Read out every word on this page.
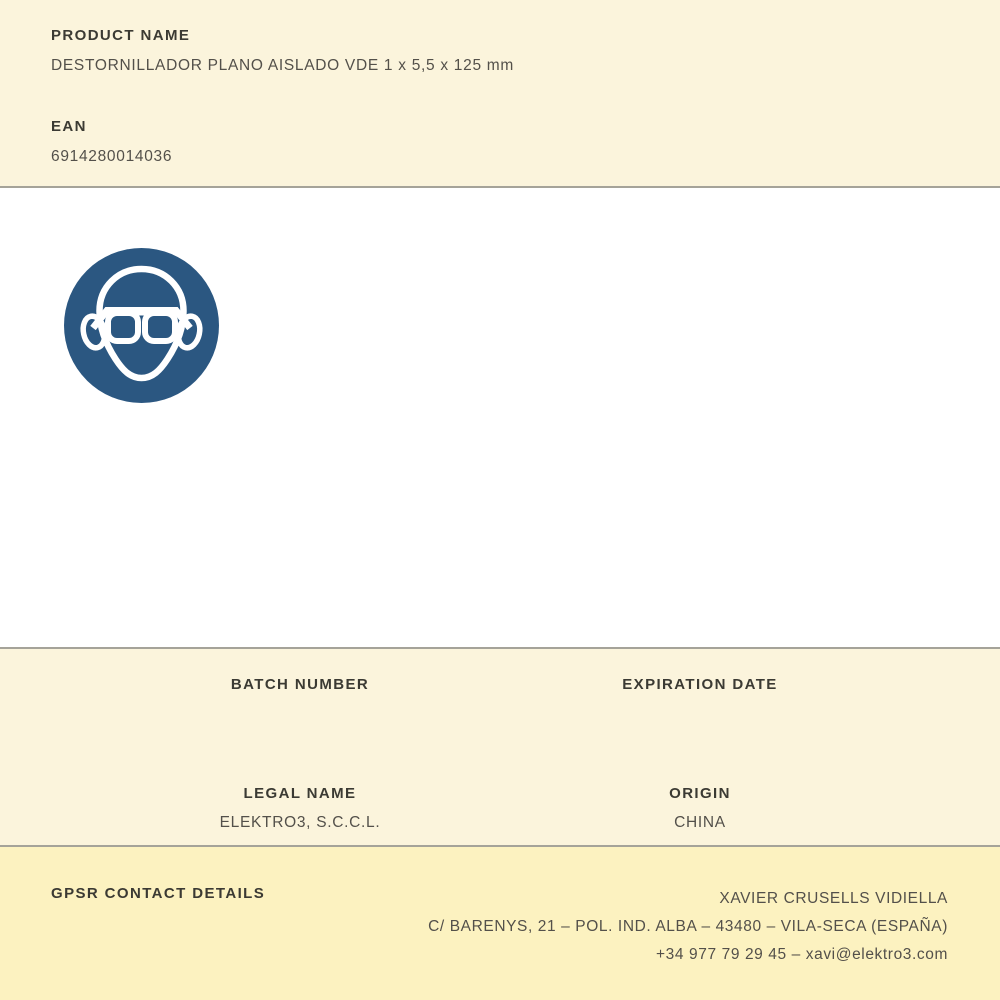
PRODUCT NAME
DESTORNILLADOR PLANO AISLADO VDE 1 x 5,5 x 125 mm
EAN
6914280014036
BATCH NUMBER	EXPIRATION DATE
LEGAL NAME
ELEKTRO3, S.C.C.L.
ORIGIN
CHINA
GPSR CONTACT DETAILS	XAVIER CRUSELLS VIDIELLA
C/ BARENYS, 21 – POL. IND. ALBA – 43480 – VILA-SECA (ESPAÑA)
+34 977 79 29 45 – xavi@elektro3.com
